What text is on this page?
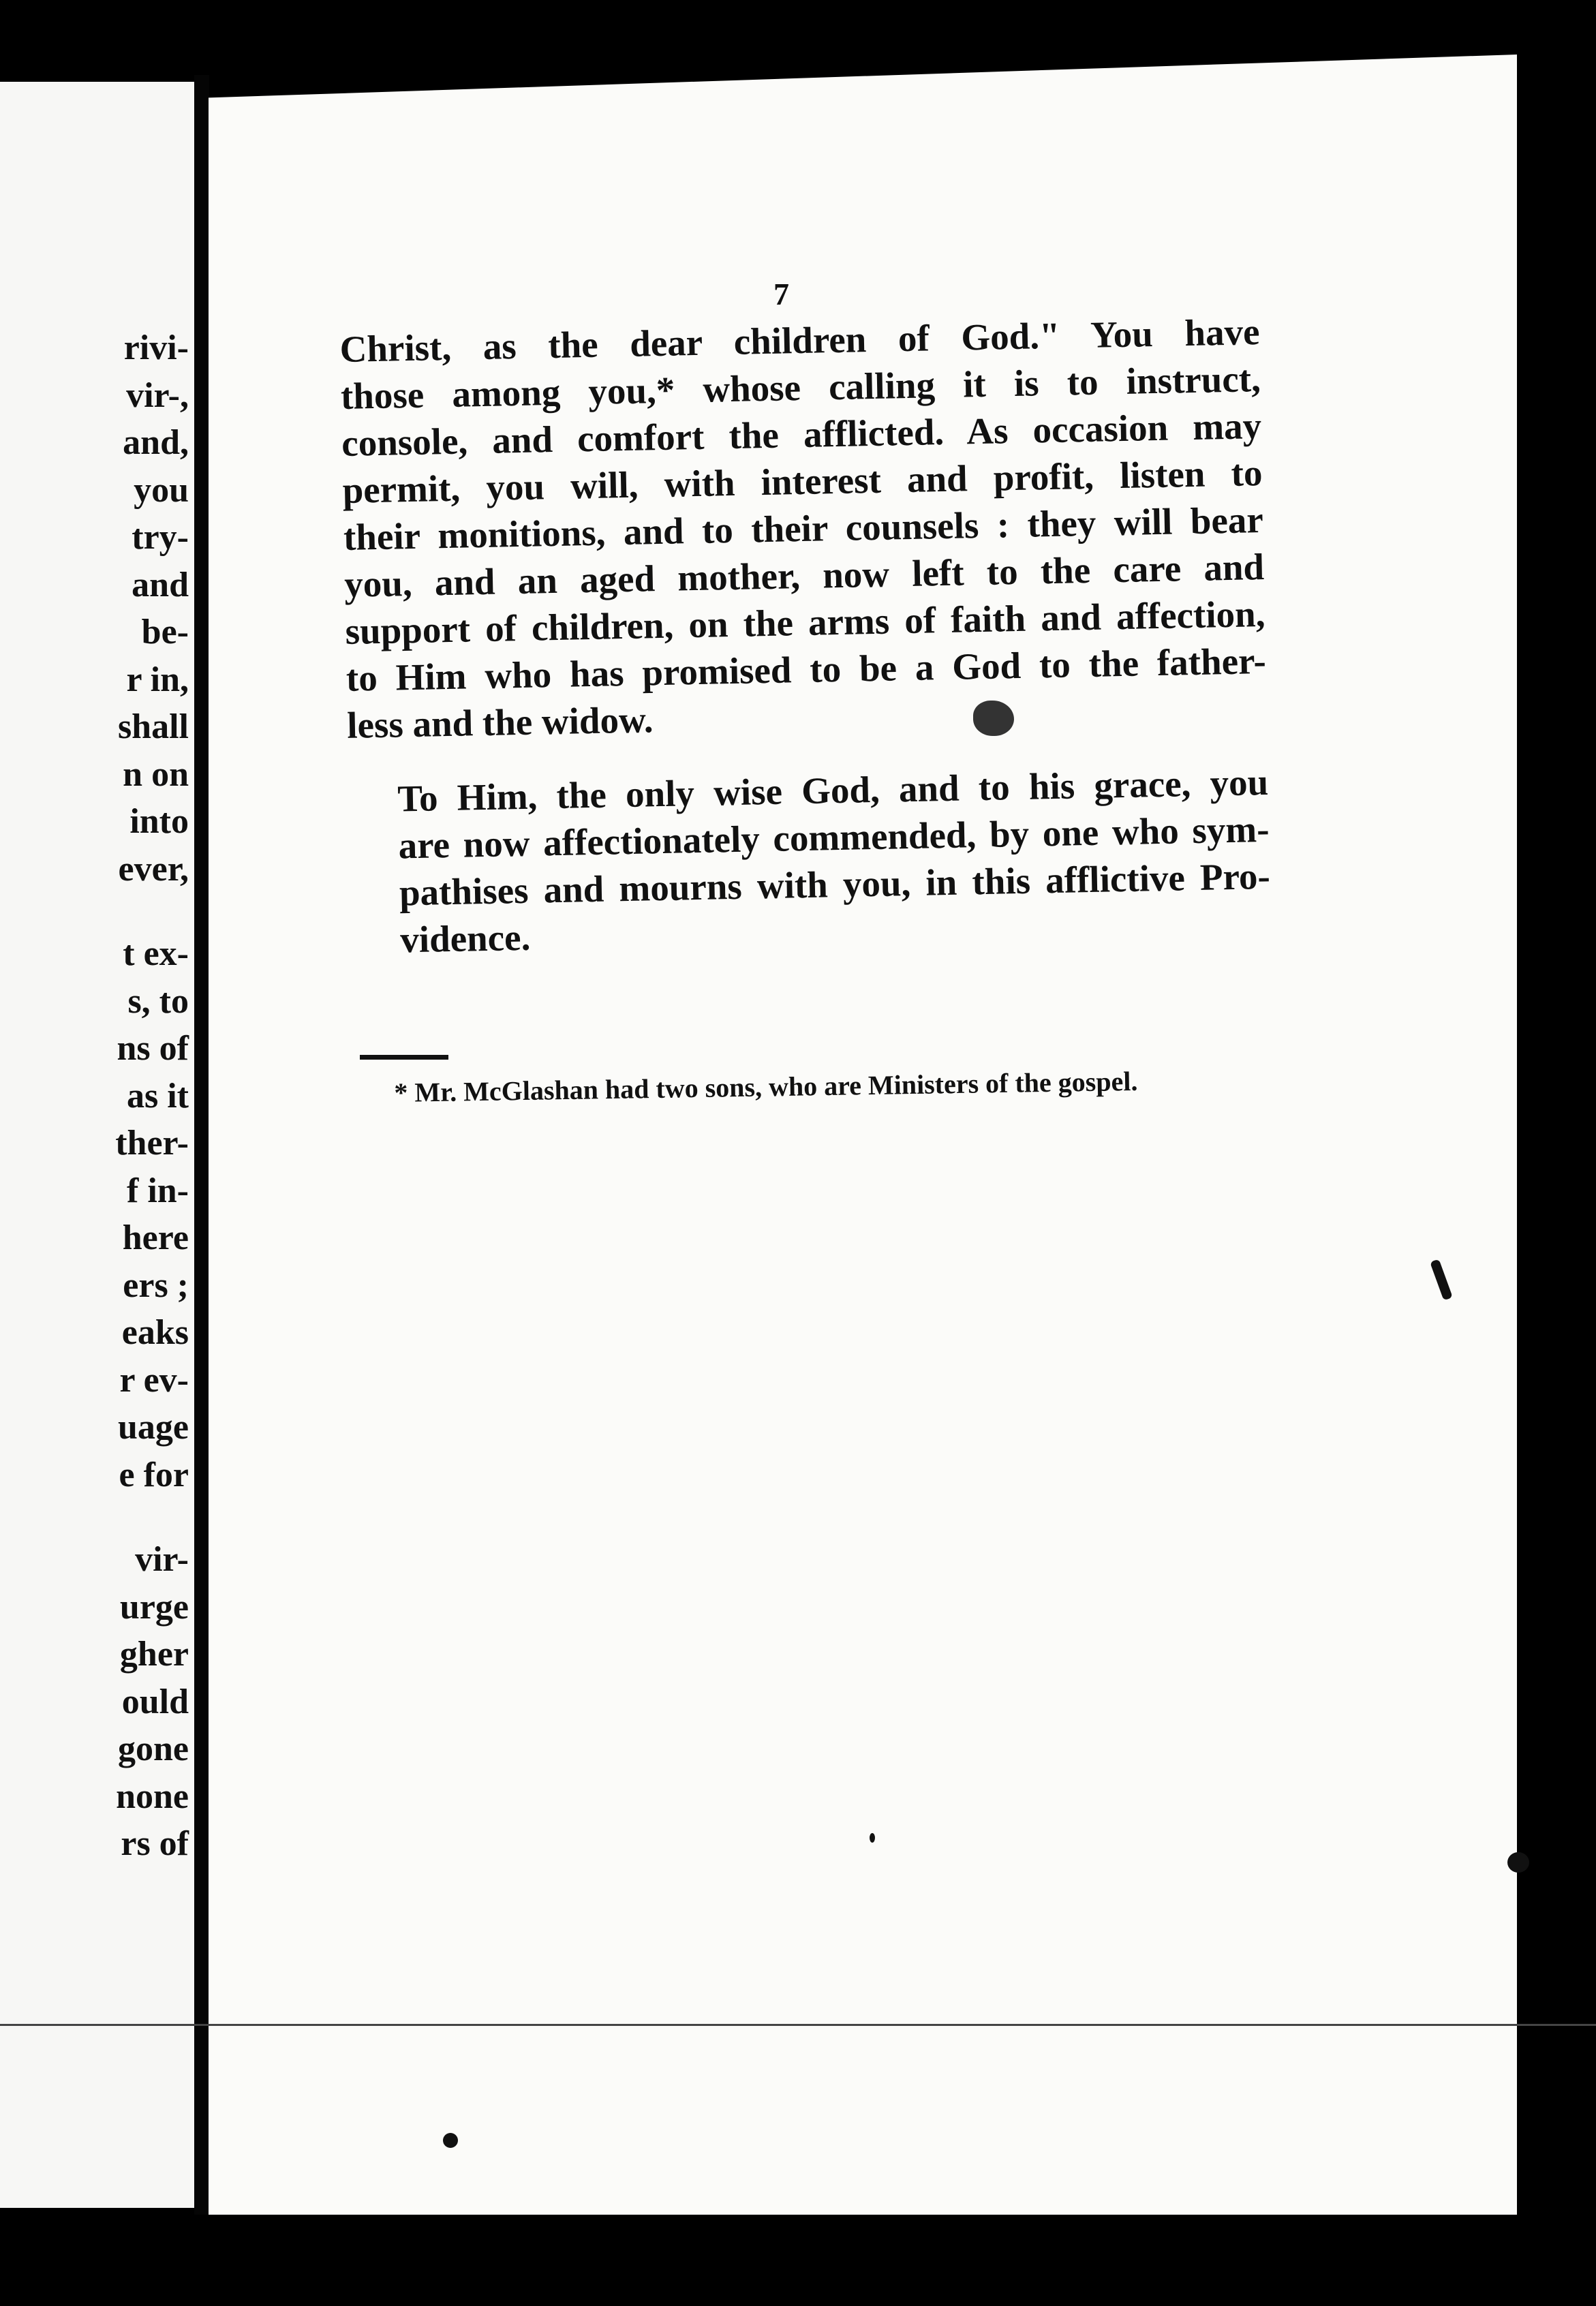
rivi-
vir-,
and,
you
try-
and
be-
r in,
shall
n on
into
ever,
t ex-
s, to
ns of
as it
ther-
f in-
here
ers ;
eaks
r ev-
uage
e for
vir-
urge
gher
ould
gone
none
rs of
7

Christ, as the dear children of God." You have
those among you,* whose calling it is to instruct,
console, and comfort the afflicted. As occasion may
permit, you will, with interest and profit, listen to
their monitions, and to their counsels : they will bear
you, and an aged mother, now left to the care and
support of children, on the arms of faith and affection,
to Him who has promised to be a God to the father-
less and the widow.

To Him, the only wise God, and to his grace, you
are now affectionately commended, by one who sym-
pathises and mourns with you, in this afflictive Pro-
vidence.

* Mr. McGlashan had two sons, who are Ministers of the gospel.
